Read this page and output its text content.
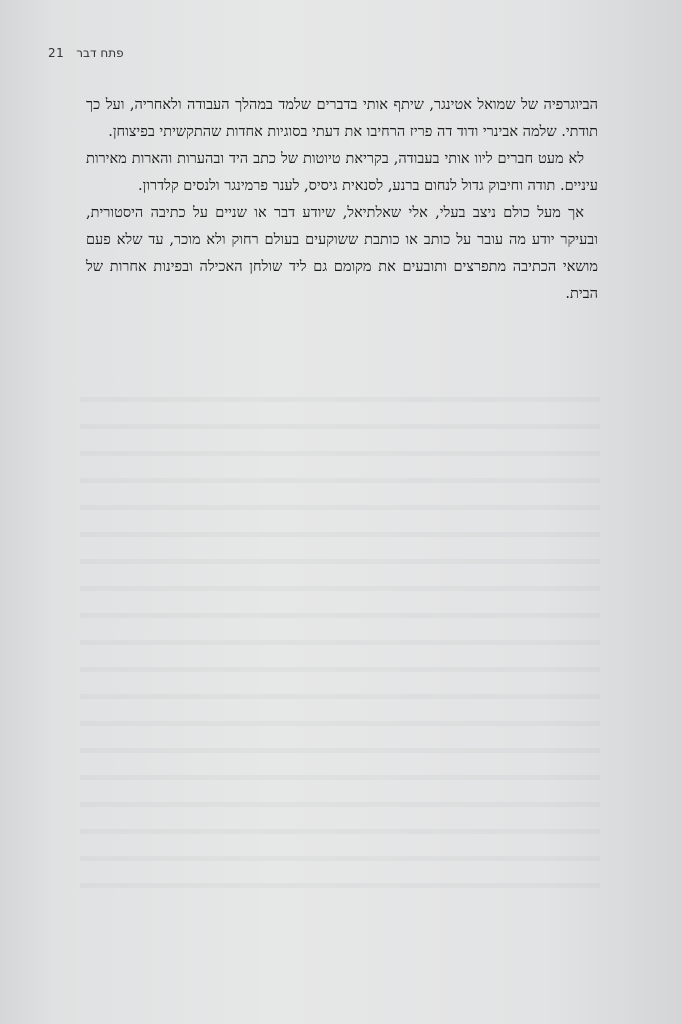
21 פתח דבר

הביוגרפיה של שמואל אטינגר, שיתף אותי בדברים שלמד במהלך העבודה ולאחריה, ועל כך תודתי. שלמה אבינרי ודוד דה פריז הרחיבו את דעתי בסוגיות אחדות שהתקשיתי בפיצוחן.

לא מעט חברים ליוו אותי בעבודה, בקריאת טיוטות של כתב היד ובהערות והארות מאירות עיניים. תודה וחיבוק גדול לנחום ברנע, לסנאית גיסיס, לענר פרמינגר ולנסים קלדרון.

אך מעל כולם ניצב בעלי, אלי שאלתיאל, שיודע דבר או שניים על כתיבה היסטורית, ובעיקר יודע מה עובר על כותב או כותבת ששוקעים בעולם רחוק ולא מוכר, עד שלא פעם מושאי הכתיבה מתפרצים ותובעים את מקומם גם ליד שולחן האכילה ובפינות אחרות של הבית.
